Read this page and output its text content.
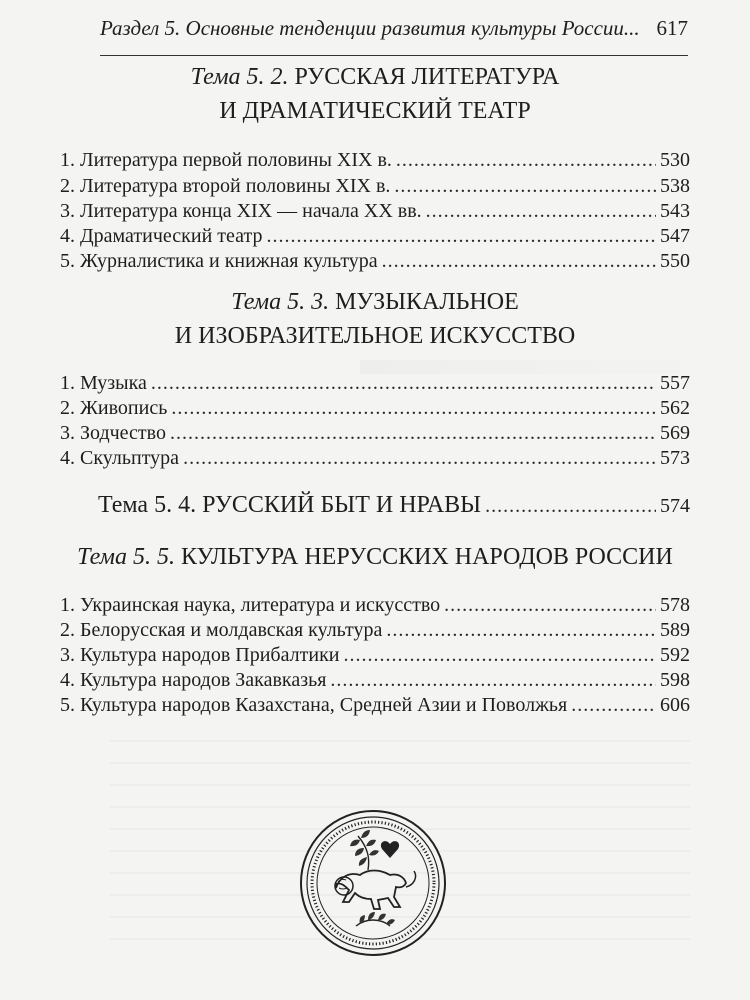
Раздел 5. Основные тенденции развития культуры России... 617
Тема 5. 2. РУССКАЯ ЛИТЕРАТУРА
И ДРАМАТИЧЕСКИЙ ТЕАТР
1. Литература первой половины XIX в. .....	530
2. Литература второй половины XIX в. .....	538
3. Литература конца XIX — начала XX вв. .....	543
4. Драматический театр .....	547
5. Журналистика и книжная культура .....	550
Тема 5. 3. МУЗЫКАЛЬНОЕ
И ИЗОБРАЗИТЕЛЬНОЕ ИСКУССТВО
1. Музыка .....	557
2. Живопись .....	562
3. Зодчество .....	569
4. Скульптура .....	573
Тема 5. 4. РУССКИЙ БЫТ И НРАВЫ .....	574
Тема 5. 5. КУЛЬТУРА НЕРУССКИХ НАРОДОВ РОССИИ
1. Украинская наука, литература и искусство .....	578
2. Белорусская и молдавская культура .....	589
3. Культура народов Прибалтики .....	592
4. Культура народов Закавказья .....	598
5. Культура народов Казахстана, Средней Азии и Поволжья .....	606
